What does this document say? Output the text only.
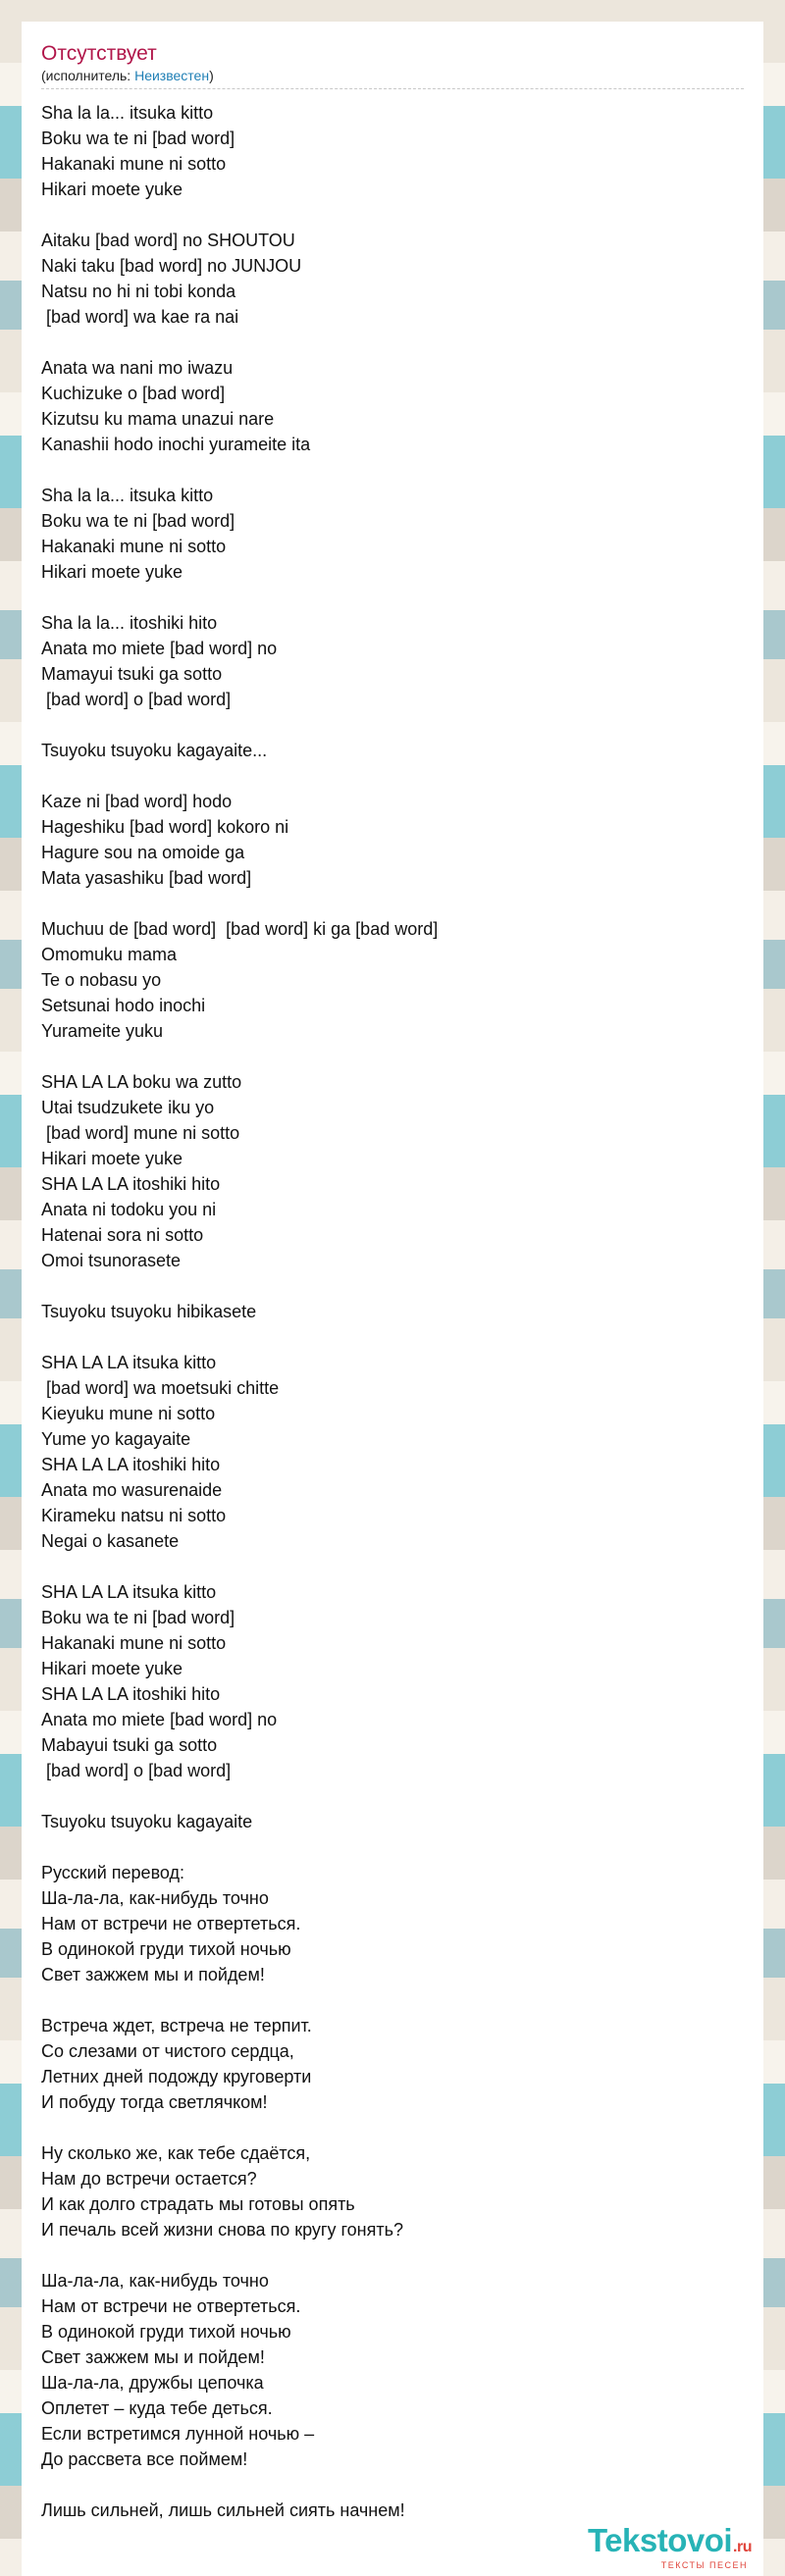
Отсутствует
(исполнитель: Неизвестен)
Sha la la... itsuka kitto
Boku wa te ni [bad word]
Hakanaki mune ni sotto
Hikari moete yuke
Aitaku [bad word] no SHOUTOU
Naki taku [bad word] no JUNJOU
Natsu no hi ni tobi konda
[bad word] wa kae ra nai
Anata wa nani mo iwazu
Kuchizuke o [bad word]
Kizutsu ku mama unazui nare
Kanashii hodo inochi yurameite ita
Sha la la... itsuka kitto
Boku wa te ni [bad word]
Hakanaki mune ni sotto
Hikari moete yuke
Sha la la... itoshiki hito
Anata mo miete [bad word] no
Mamayui tsuki ga sotto
[bad word] o [bad word]
Tsuyoku tsuyoku kagayaite...
Kaze ni [bad word] hodo
Hageshiku [bad word] kokoro ni
Hagure sou na omoide ga
Mata yasashiku [bad word]
Muchuu de [bad word]  [bad word] ki ga [bad word]
Omomuku mama
Te o nobasu yo
Setsunai hodo inochi
Yurameite yuku
SHA LA LA boku wa zutto
Utai tsudzukete iku yo
[bad word] mune ni sotto
Hikari moete yuke
SHA LA LA itoshiki hito
Anata ni todoku you ni
Hatenai sora ni sotto
Omoi tsunorasete
Tsuyoku tsuyoku hibikasete
SHA LA LA itsuka kitto
[bad word] wa moetsuki chitte
Kieyuku mune ni sotto
Yume yo kagayaite
SHA LA LA itoshiki hito
Anata mo wasurenaide
Kirameku natsu ni sotto
Negai o kasanete
SHA LA LA itsuka kitto
Boku wa te ni [bad word]
Hakanaki mune ni sotto
Hikari moete yuke
SHA LA LA itoshiki hito
Anata mo miete [bad word] no
Mabayui tsuki ga sotto
[bad word] o [bad word]
Tsuyoku tsuyoku kagayaite
Русский перевод:
Ша-ла-ла, как-нибудь точно
Нам от встречи не отвертеться.
В одинокой груди тихой ночью
Свет зажжем мы и пойдем!
Встреча ждет, встреча не терпит.
Со слезами от чистого сердца,
Летних дней подожду круговерти
И побуду тогда светлячком!
Ну сколько же, как тебе сдаётся,
Нам до встречи остается?
И как долго страдать мы готовы опять
И печаль всей жизни снова по кругу гонять?
Ша-ла-ла, как-нибудь точно
Нам от встречи не отвертеться.
В одинокой груди тихой ночью
Свет зажжем мы и пойдем!
Ша-ла-ла, дружбы цепочка
Оплетет – куда тебе деться.
Если встретимся лунной ночью –
До рассвета все поймем!
Лишь сильней, лишь сильней сиять начнем!
Tekstovoi.ru
ТЕКСТЫ ПЕСЕН
